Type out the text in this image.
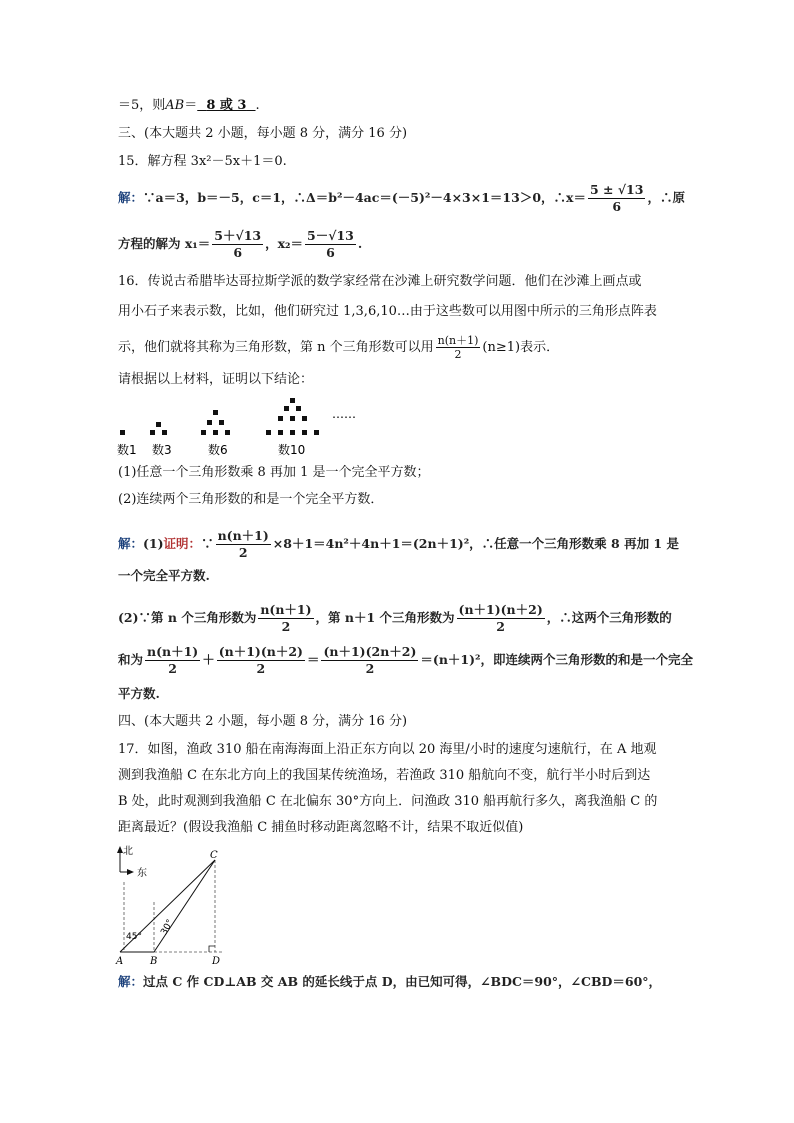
＝5，则AB＝ 8 或 3 .
三、(本大题共 2 小题，每小题 8 分，满分 16 分)
15．解方程 3x²－5x＋1＝0.
解：∵a＝3，b＝－5，c＝1，∴Δ＝b²－4ac＝(－5)²－4×3×1＝13＞0，∴x＝ $\frac{5 \pm √13}{6}$ ，∴原
方程的解为 $x_1= \frac{5+√13}{6}$ ，$x_2= \frac{5-√13}{6}$ .
16．传说古希腊毕达哥拉斯学派的数学家经常在沙滩上研究数学问题．他们在沙滩上画点或
用小石子来表示数，比如，他们研究过 1,3,6,10…由于这些数可以用图中所示的三角形点阵表
示，他们就将其称为三角形数，第 n 个三角形数可以用 $\frac{n(n+1)}{2} (n\ge 1)$表示．
请根据以上材料，证明以下结论：
……
数1 数3	数6	数10
(1)任意一个三角形数乘 8 再加 1 是一个完全平方数；
(2)连续两个三角形数的和是一个完全平方数．
解：(1)证明：∵ $\frac{n(n+1)}{2} \times 8+1=4n^2+4n+1=(2n+1)^2$，∴任意一个三角形数乘 8 再加 1 是
一个完全平方数.
(2)∵第 n 个三角形数为 $\frac{n(n+1)}{2}$ ，第 n＋1 个三角形数为 $\frac{(n+1)(n+2)}{2}$ ，∴这两个三角形数的
和为 $\frac{n(n+1)}{2} + \frac{(n+1)(n+2)}{2} = \frac{(n+1)(2n+2)}{2} =(n+1)^2$，即连续两个三角形数的和是一个完全
平方数.
四、(本大题共 2 小题，每小题 8 分，满分 16 分)
17．如图，渔政 310 船在南海海面上沿正东方向以 20 海里/小时的速度匀速航行，在 A 地观
测到我渔船 C 在东北方向上的我国某传统渔场，若渔政 310 船航向不变，航行半小时后到达
B 处，此时观测到我渔船 C 在北偏东 30°方向上．问渔政 310 船再航行多久，离我渔船 C 的
距离最近？(假设我渔船 C 捕鱼时移动距离忽略不计，结果不取近似值)
北
东
45°
30°
A	B
C
D
解：过点 C 作 CD⊥AB 交 AB 的延长线于点 D，由已知可得，∠BDC＝90°，∠CBD＝60°，
